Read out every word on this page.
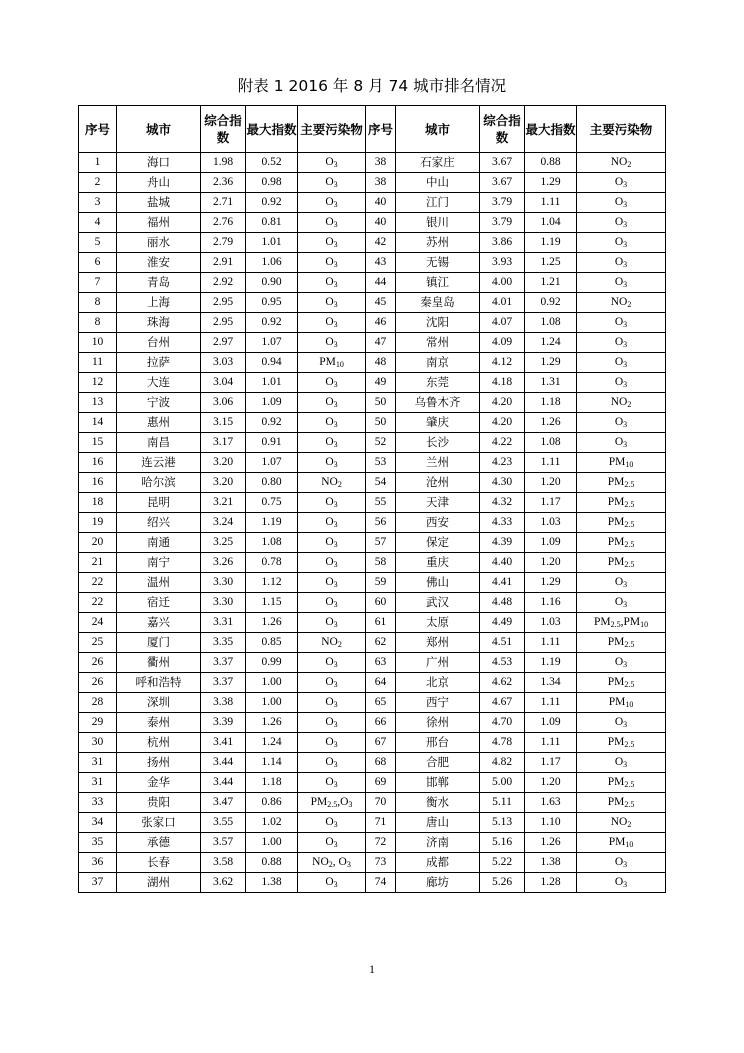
附表 1 2016 年 8 月 74 城市排名情况
序号	城市	综合指数	最大指数	主要污染物	序号	城市	综合指数	最大指数	主要污染物
1	海口	1.98	0.52	$O_3$	38	石家庄	3.67	0.88	$NO_2$
2	舟山	2.36	0.98	$O_3$	38	中山	3.67	1.29	$O_3$
3	盐城	2.71	0.92	$O_3$	40	江门	3.79	1.11	$O_3$
4	福州	2.76	0.81	$O_3$	40	银川	3.79	1.04	$O_3$
5	丽水	2.79	1.01	$O_3$	42	苏州	3.86	1.19	$O_3$
6	淮安	2.91	1.06	$O_3$	43	无锡	3.93	1.25	$O_3$
7	青岛	2.92	0.90	$O_3$	44	镇江	4.00	1.21	$O_3$
8	上海	2.95	0.95	$O_3$	45	秦皇岛	4.01	0.92	$NO_2$
8	珠海	2.95	0.92	$O_3$	46	沈阳	4.07	1.08	$O_3$
10	台州	2.97	1.07	$O_3$	47	常州	4.09	1.24	$O_3$
11	拉萨	3.03	0.94	$PM_{10}$	48	南京	4.12	1.29	$O_3$
12	大连	3.04	1.01	$O_3$	49	东莞	4.18	1.31	$O_3$
13	宁波	3.06	1.09	$O_3$	50	乌鲁木齐	4.20	1.18	$NO_2$
14	惠州	3.15	0.92	$O_3$	50	肇庆	4.20	1.26	$O_3$
15	南昌	3.17	0.91	$O_3$	52	长沙	4.22	1.08	$O_3$
16	连云港	3.20	1.07	$O_3$	53	兰州	4.23	1.11	$PM_{10}$
16	哈尔滨	3.20	0.80	$NO_2$	54	沧州	4.30	1.20	$PM_{2.5}$
18	昆明	3.21	0.75	$O_3$	55	天津	4.32	1.17	$PM_{2.5}$
19	绍兴	3.24	1.19	$O_3$	56	西安	4.33	1.03	$PM_{2.5}$
20	南通	3.25	1.08	$O_3$	57	保定	4.39	1.09	$PM_{2.5}$
21	南宁	3.26	0.78	$O_3$	58	重庆	4.40	1.20	$PM_{2.5}$
22	温州	3.30	1.12	$O_3$	59	佛山	4.41	1.29	$O_3$
22	宿迁	3.30	1.15	$O_3$	60	武汉	4.48	1.16	$O_3$
24	嘉兴	3.31	1.26	$O_3$	61	太原	4.49	1.03	$PM_{2.5},PM_{10}$
25	厦门	3.35	0.85	$NO_2$	62	郑州	4.51	1.11	$PM_{2.5}$
26	衢州	3.37	0.99	$O_3$	63	广州	4.53	1.19	$O_3$
26	呼和浩特	3.37	1.00	$O_3$	64	北京	4.62	1.34	$PM_{2.5}$
28	深圳	3.38	1.00	$O_3$	65	西宁	4.67	1.11	$PM_{10}$
29	泰州	3.39	1.26	$O_3$	66	徐州	4.70	1.09	$O_3$
30	杭州	3.41	1.24	$O_3$	67	邢台	4.78	1.11	$PM_{2.5}$
31	扬州	3.44	1.14	$O_3$	68	合肥	4.82	1.17	$O_3$
31	金华	3.44	1.18	$O_3$	69	邯郸	5.00	1.20	$PM_{2.5}$
33	贵阳	3.47	0.86	$PM_{2.5},O_3$	70	衡水	5.11	1.63	$PM_{2.5}$
34	张家口	3.55	1.02	$O_3$	71	唐山	5.13	1.10	$NO_2$
35	承德	3.57	1.00	$O_3$	72	济南	5.16	1.26	$PM_{10}$
36	长春	3.58	0.88	$NO_2$, $O_3$	73	成都	5.22	1.38	$O_3$
37	湖州	3.62	1.38	$O_3$	74	廊坊	5.26	1.28	$O_3$
1
